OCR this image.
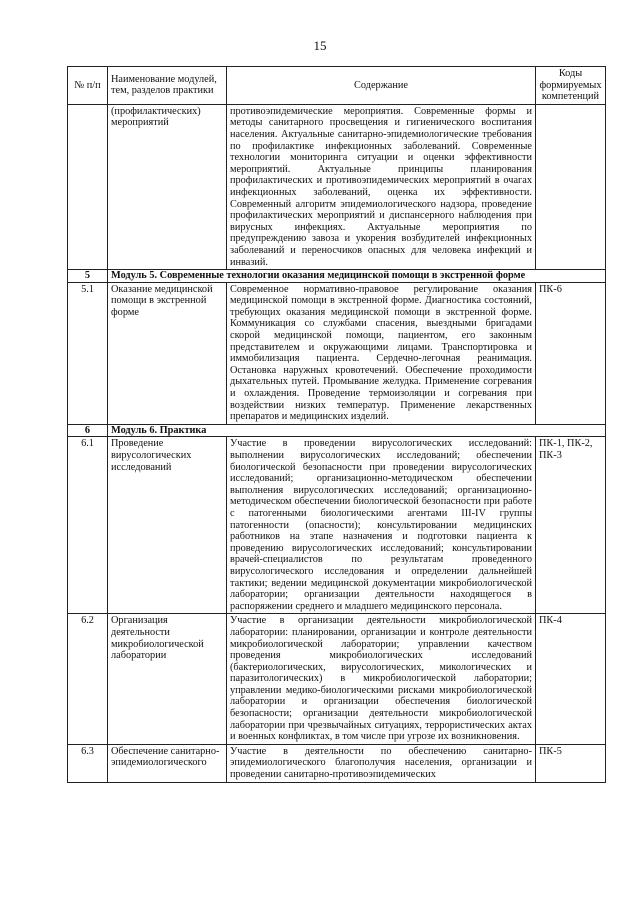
15
№ п/п	Наименование модулей, тем, разделов практики	Содержание	Коды формируемых компетенций
	(профилактических) мероприятий	противоэпидемические мероприятия. Современные формы и методы санитарного просвещения и гигиенического воспитания населения. Актуальные санитарно-эпидемиологические требования по профилактике инфекционных заболеваний. Современные технологии мониторинга ситуации и оценки эффективности мероприятий. Актуальные принципы планирования профилактических и противоэпидемических мероприятий в очагах инфекционных заболеваний, оценка их эффективности. Современный алгоритм эпидемиологического надзора, проведение профилактических мероприятий и диспансерного наблюдения при вирусных инфекциях. Актуальные мероприятия по предупреждению завоза и укорения возбудителей инфекционных заболеваний и переносчиков опасных для человека инфекций и инвазий.	
5	Модуль 5. Современные технологии оказания медицинской помощи в экстренной форме		
5.1	Оказание медицинской помощи в экстренной форме	Современное нормативно-правовое регулирование оказания медицинской помощи в экстренной форме. Диагностика состояний, требующих оказания медицинской помощи в экстренной форме. Коммуникация со службами спасения, выездными бригадами скорой медицинской помощи, пациентом, его законным представителем и окружающими лицами. Транспортировка и иммобилизация пациента. Сердечно-легочная реанимация. Остановка наружных кровотечений. Обеспечение проходимости дыхательных путей. Промывание желудка. Применение согревания и охлаждения. Проведение термоизоляции и согревания при воздействии низких температур. Применение лекарственных препаратов и медицинских изделий.	ПК-6
6	Модуль 6. Практика		
6.1	Проведение вирусологических исследований	Участие в проведении вирусологических исследований: выполнении вирусологических исследований; обеспечении биологической безопасности при проведении вирусологических исследований; организационно-методическом обеспечении выполнения вирусологических исследований; организационно-методическом обеспечении биологической безопасности при работе с патогенными биологическими агентами III-IV группы патогенности (опасности); консультировании медицинских работников на этапе назначения и подготовки пациента к проведению вирусологических исследований; консультировании врачей-специалистов по результатам проведенного вирусологического исследования и определении дальнейшей тактики; ведении медицинской документации микробиологической лаборатории; организации деятельности находящегося в распоряжении среднего и младшего медицинского персонала.	ПК-1, ПК-2, ПК-3
6.2	Организация деятельности микробиологической лаборатории	Участие в организации деятельности микробиологической лаборатории: планировании, организации и контроле деятельности микробиологической лаборатории; управлении качеством проведения микробиологических исследований (бактериологических, вирусологических, микологических и паразитологических) в микробиологической лаборатории; управлении медико-биологическими рисками микробиологической лаборатории и организации обеспечения биологической безопасности; организации деятельности микробиологической лаборатории при чрезвычайных ситуациях, террористических актах и военных конфликтах, в том числе при угрозе их возникновения.	ПК-4
6.3	Обеспечение санитарно-эпидемиологического	Участие в деятельности по обеспечению санитарно-эпидемиологического благополучия населения, организации и проведении санитарно-противоэпидемических	ПК-5
